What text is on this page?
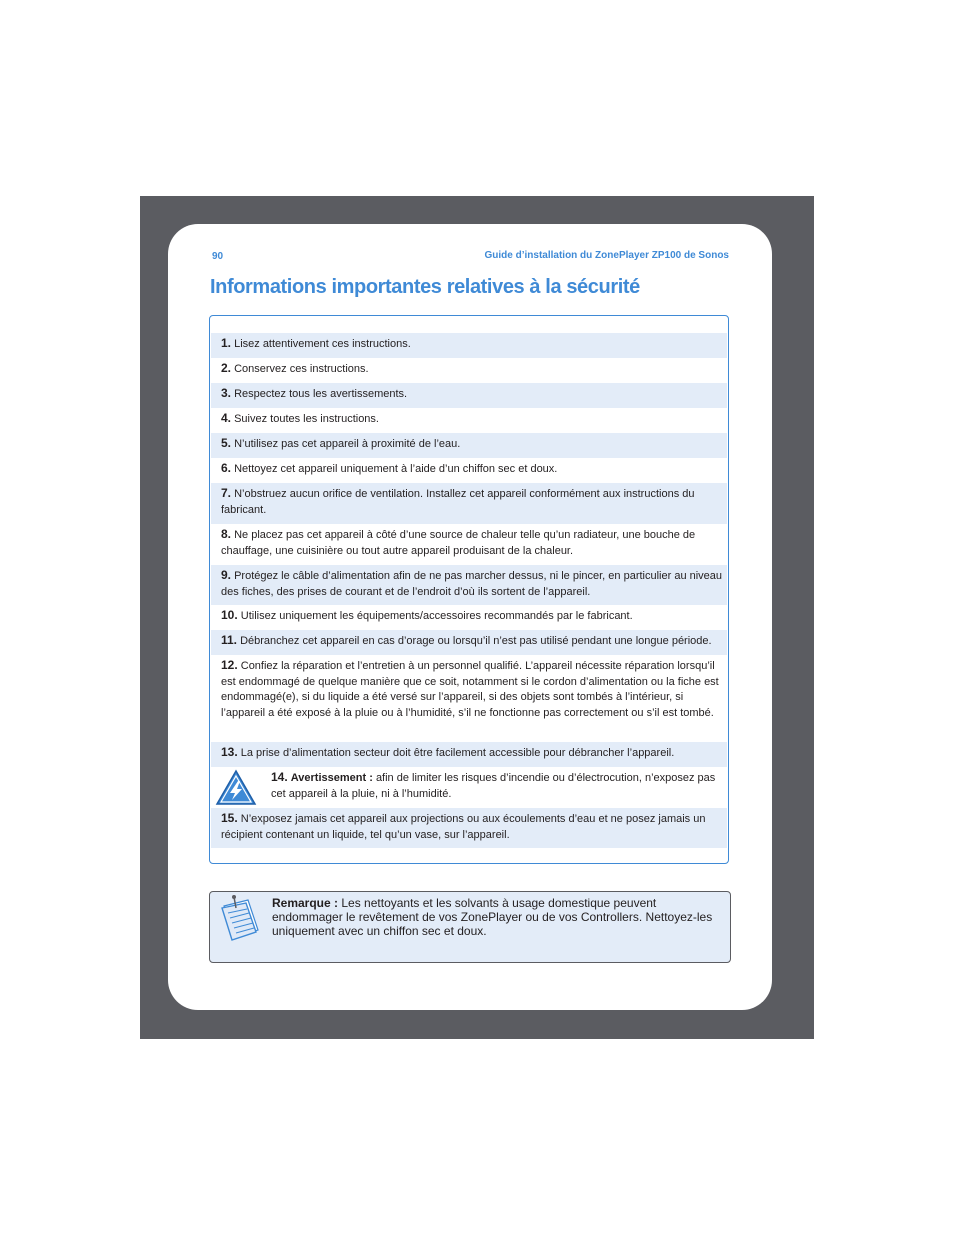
90	Guide d’installation du ZonePlayer ZP100 de Sonos
Informations importantes relatives à la sécurité
1. Lisez attentivement ces instructions.
2. Conservez ces instructions.
3. Respectez tous les avertissements.
4. Suivez toutes les instructions.
5. N’utilisez pas cet appareil à proximité de l’eau.
6. Nettoyez cet appareil uniquement à l’aide d’un chiffon sec et doux.
7. N’obstruez aucun orifice de ventilation. Installez cet appareil conformément aux instructions du fabricant.
8. Ne placez pas cet appareil à côté d’une source de chaleur telle qu’un radiateur, une bouche de chauffage, une cuisinière ou tout autre appareil produisant de la chaleur.
9. Protégez le câble d’alimentation afin de ne pas marcher dessus, ni le pincer, en particulier au niveau des fiches, des prises de courant et de l’endroit d’où ils sortent de l’appareil.
10. Utilisez uniquement les équipements/accessoires recommandés par le fabricant.
11. Débranchez cet appareil en cas d’orage ou lorsqu’il n’est pas utilisé pendant une longue période.
12. Confiez la réparation et l’entretien à un personnel qualifié. L’appareil nécessite réparation lorsqu’il est endommagé de quelque manière que ce soit, notamment si le cordon d’alimentation ou la fiche est endommagé(e), si du liquide a été versé sur l’appareil, si des objets sont tombés à l’intérieur, si l’appareil a été exposé à la pluie ou à l’humidité, s’il ne fonctionne pas correctement ou s’il est tombé.
13. La prise d’alimentation secteur doit être facilement accessible pour débrancher l’appareil.
14. Avertissement : afin de limiter les risques d’incendie ou d’électrocution, n’exposez pas cet appareil à la pluie, ni à l’humidité.
15. N’exposez jamais cet appareil aux projections ou aux écoulements d’eau et ne posez jamais un récipient contenant un liquide, tel qu’un vase, sur l’appareil.
Remarque : Les nettoyants et les solvants à usage domestique peuvent endommager le revêtement de vos ZonePlayer ou de vos Controllers. Nettoyez-les uniquement avec un chiffon sec et doux.
